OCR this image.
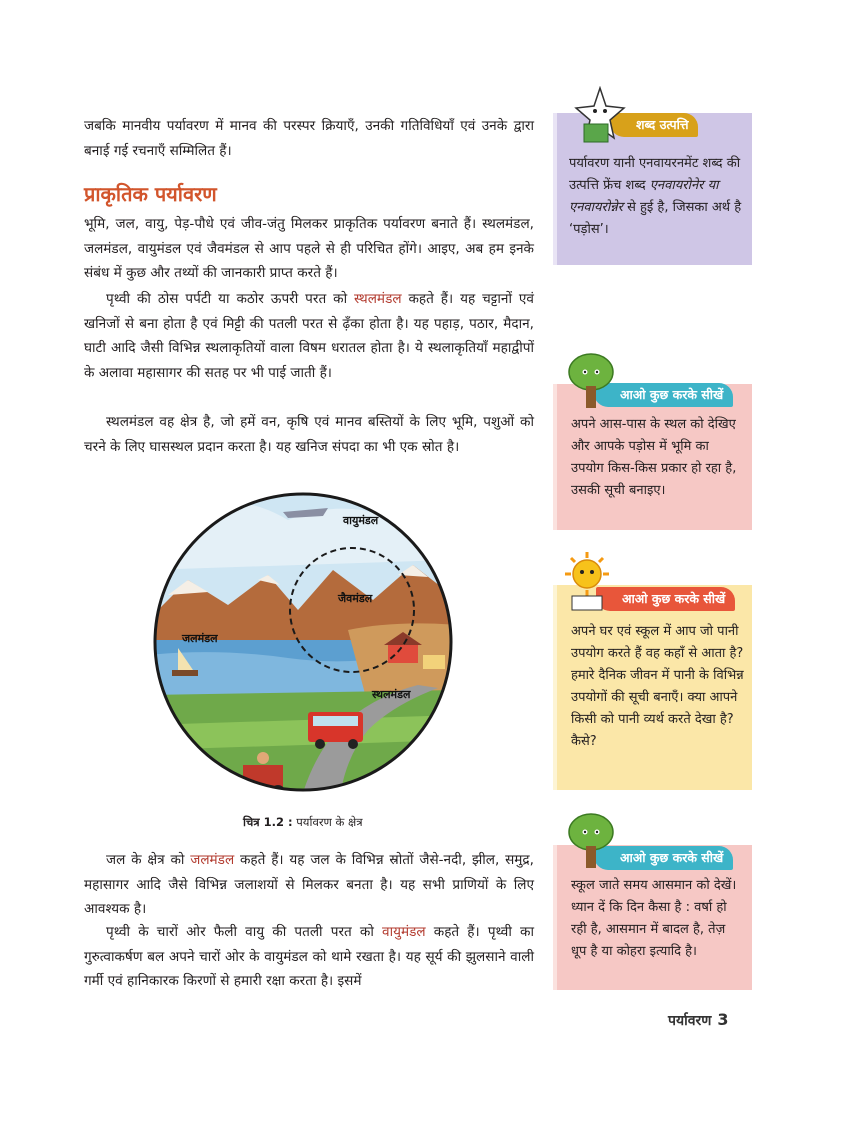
जबकि मानवीय पर्यावरण में मानव की परस्पर क्रियाएँ, उनकी गतिविधियाँ एवं उनके द्वारा बनाई गई रचनाएँ सम्मिलित हैं।

प्राकृतिक पर्यावरण

भूमि, जल, वायु, पेड़-पौधे एवं जीव-जंतु मिलकर प्राकृतिक पर्यावरण बनाते हैं। स्थलमंडल, जलमंडल, वायुमंडल एवं जैवमंडल से आप पहले से ही परिचित होंगे। आइए, अब हम इनके संबंध में कुछ और तथ्यों की जानकारी प्राप्त करते हैं।

पृथ्वी की ठोस पर्पटी या कठोर ऊपरी परत को स्थलमंडल कहते हैं। यह चट्टानों एवं खनिजों से बना होता है एवं मिट्टी की पतली परत से ढ़ँका होता है। यह पहाड़, पठार, मैदान, घाटी आदि जैसी विभिन्न स्थलाकृतियों वाला विषम धरातल होता है। ये स्थलाकृतियाँ महाद्वीपों के अलावा महासागर की सतह पर भी पाई जाती हैं।

स्थलमंडल वह क्षेत्र है, जो हमें वन, कृषि एवं मानव बस्तियों के लिए भूमि, पशुओं को चरने के लिए घासस्थल प्रदान करता है। यह खनिज संपदा का भी एक स्रोत है।

वायुमंडल
जैवमंडल
जलमंडल
स्थलमंडल

चित्र 1.2 : पर्यावरण के क्षेत्र

जल के क्षेत्र को जलमंडल कहते हैं। यह जल के विभिन्न स्रोतों जैसे-नदी, झील, समुद्र, महासागर आदि जैसे विभिन्न जलाशयों से मिलकर बनता है। यह सभी प्राणियों के लिए आवश्यक है।

पृथ्वी के चारों ओर फैली वायु की पतली परत को वायुमंडल कहते हैं। पृथ्वी का गुरुत्वाकर्षण बल अपने चारों ओर के वायुमंडल को थामे रखता है। यह सूर्य की झुलसाने वाली गर्मी एवं हानिकारक किरणों से हमारी रक्षा करता है। इसमें

पर्यावरण यानी एनवायरनमेंट शब्द की उत्पत्ति फ्रेंच शब्द एनवायरोनेर या एनवायरोन्नेर से हुई है, जिसका अर्थ है ‘पड़ोस’।
शब्द उत्पत्ति
अपने आस-पास के स्थल को देखिए और आपके पड़ोस में भूमि का उपयोग किस-किस प्रकार हो रहा है, उसकी सूची बनाइए।
आओ कुछ करके सीखें
अपने घर एवं स्कूल में आप जो पानी उपयोग करते हैं वह कहाँ से आता है? हमारे दैनिक जीवन में पानी के विभिन्न उपयोगों की सूची बनाएँ। क्या आपने किसी को पानी व्यर्थ करते देखा है? कैसे?
आओ कुछ करके सीखें
स्कूल जाते समय आसमान को देखें। ध्यान दें कि दिन कैसा है : वर्षा हो रही है, आसमान में बादल है, तेज़ धूप है या कोहरा इत्यादि है।
आओ कुछ करके सीखें

पर्यावरण 3
